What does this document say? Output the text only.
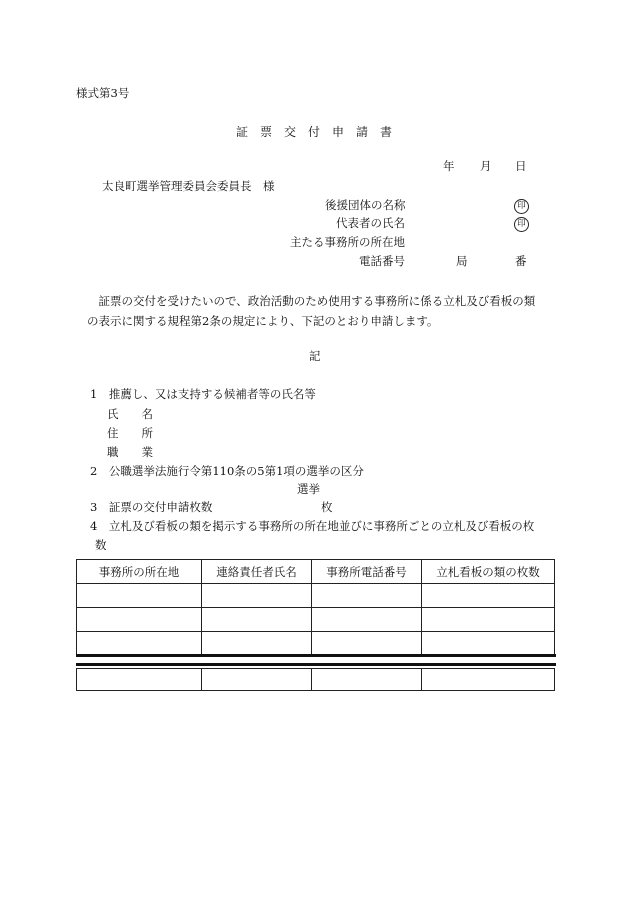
様式第3号
証　票　交　付　申　請　書
年 月 日
太良町選挙管理委員会委員長　様
後援団体の名称	印
代表者の氏名	印
主たる事務所の所在地
電話番号	局	番
　証票の交付を受けたいので、政治活動のため使用する事務所に係る立札及び看板の類
の表示に関する規程第2条の規定により、下記のとおり申請します。
記
1　推薦し、又は支持する候補者等の氏名等
氏　　名
住　　所
職　　業
2　公職選挙法施行令第110条の5第1項の選挙の区分
選挙
3　証票の交付申請枚数	枚
4　立札及び看板の類を掲示する事務所の所在地並びに事務所ごとの立札及び看板の枚
数
事務所の所在地	連絡責任者氏名	事務所電話番号	立札看板の類の枚数
